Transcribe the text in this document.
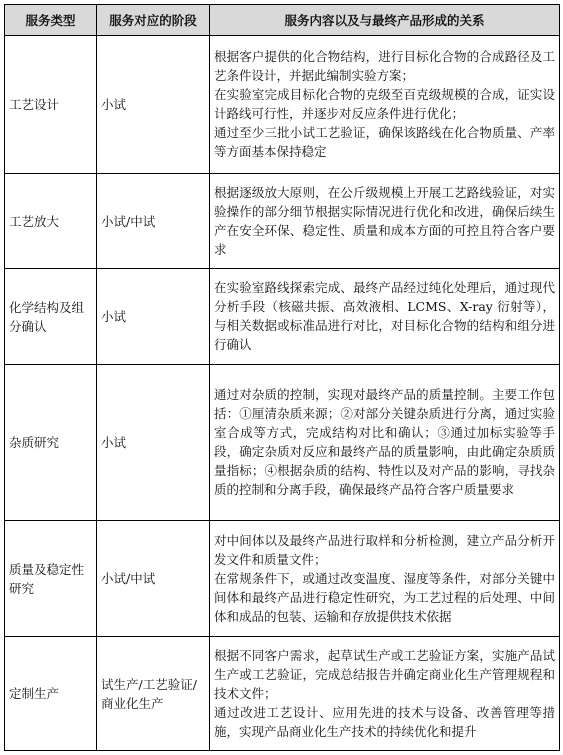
服务类型	服务对应的阶段	服务内容以及与最终产品形成的关系
工艺设计	小试	根据客户提供的化合物结构，进行目标化合物的合成路径及工艺条件设计，并据此编制实验方案；

在实验室完成目标化合物的克级至百克级规模的合成，证实设计路线可行性，并逐步对反应条件进行优化；

通过至少三批小试工艺验证，确保该路线在化合物质量、产率等方面基本保持稳定

工艺放大	小试/中试	根据逐级放大原则，在公斤级规模上开展工艺路线验证，对实验操作的部分细节根据实际情况进行优化和改进，确保后续生产在安全环保、稳定性、质量和成本方面的可控且符合客户要求

化学结构及组分确认	小试	在实验室路线探索完成、最终产品经过纯化处理后，通过现代分析手段（核磁共振、高效液相、LCMS、X-ray 衍射等），与相关数据或标准品进行对比，对目标化合物的结构和组分进行确认

杂质研究	小试	通过对杂质的控制，实现对最终产品的质量控制。主要工作包括：①厘清杂质来源；②对部分关键杂质进行分离，通过实验室合成等方式，完成结构对比和确认；③通过加标实验等手段，确定杂质对反应和最终产品的质量影响，由此确定杂质质量指标；④根据杂质的结构、特性以及对产品的影响，寻找杂质的控制和分离手段，确保最终产品符合客户质量要求

质量及稳定性研究	小试/中试	对中间体以及最终产品进行取样和分析检测，建立产品分析开发文件和质量文件；

在常规条件下，或通过改变温度、湿度等条件，对部分关键中间体和最终产品进行稳定性研究，为工艺过程的后处理、中间体和成品的包装、运输和存放提供技术依据

定制生产	试生产/工艺验证/商业化生产	根据不同客户需求，起草试生产或工艺验证方案，实施产品试生产或工艺验证，完成总结报告并确定商业化生产管理规程和技术文件；

通过改进工艺设计、应用先进的技术与设备、改善管理等措施，实现产品商业化生产技术的持续优化和提升
